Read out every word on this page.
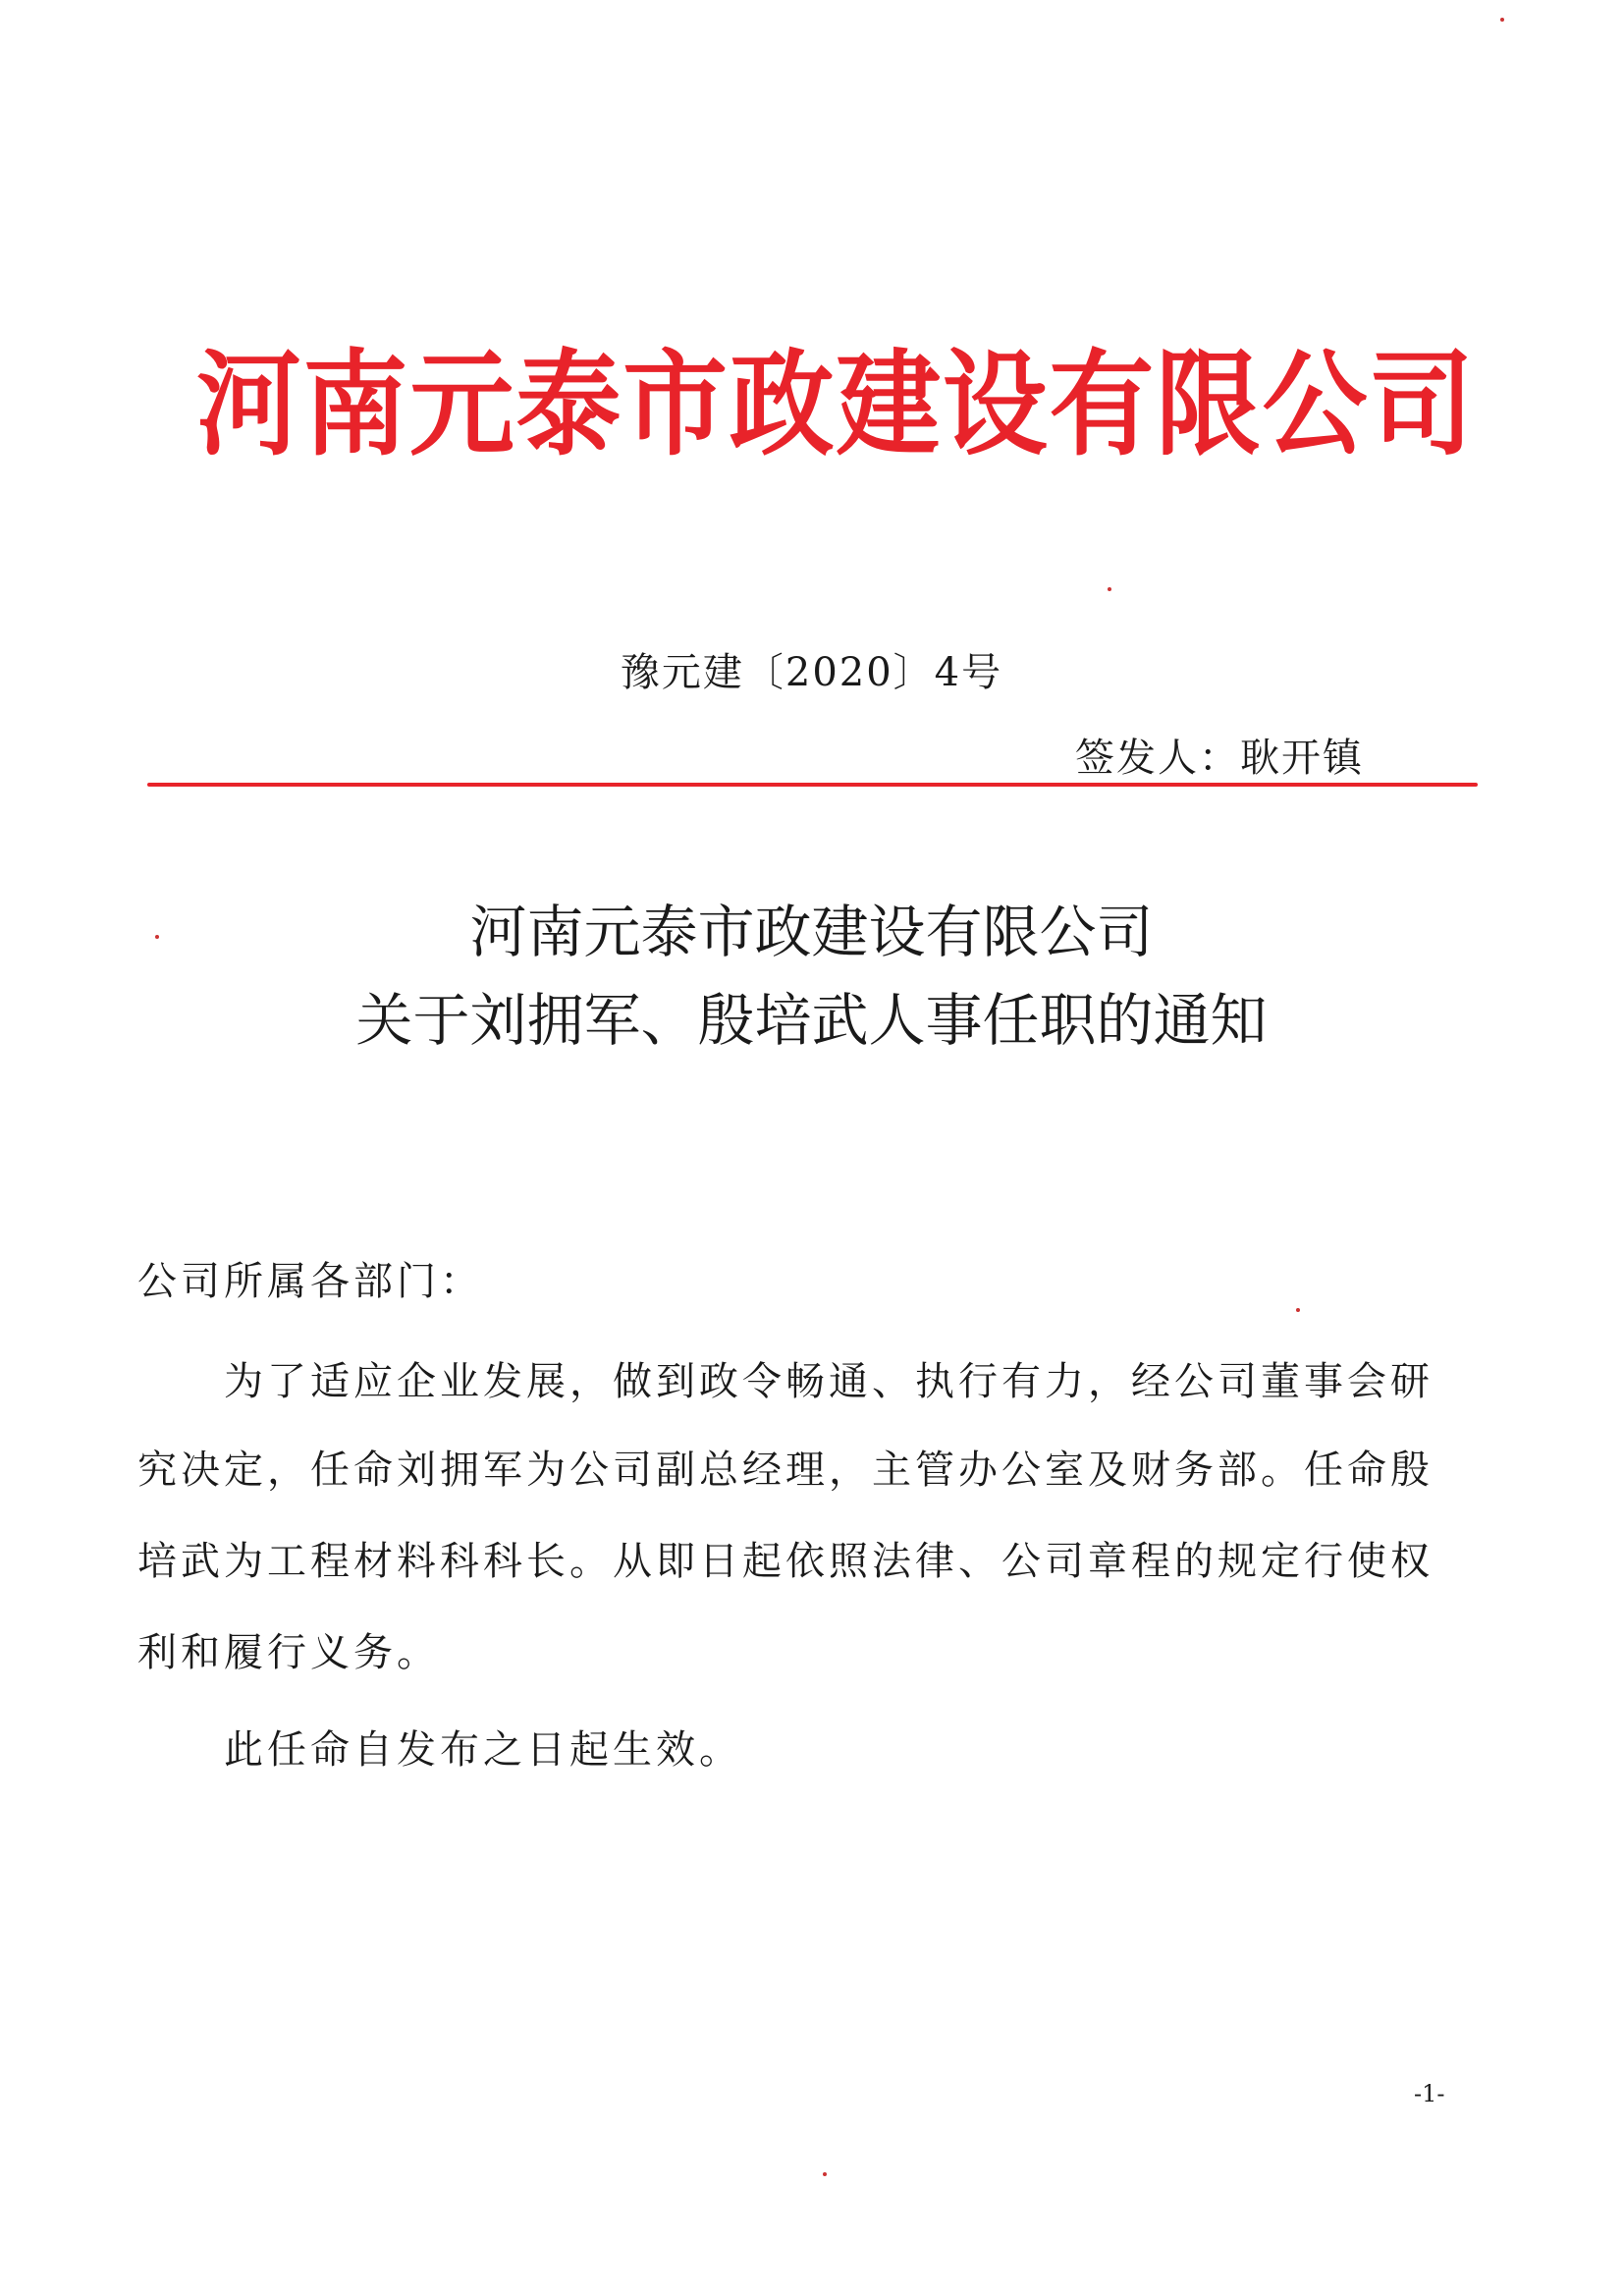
河南元泰市政建设有限公司
豫元建〔2020〕4号
签发人：耿开镇
河南元泰市政建设有限公司
关于刘拥军、殷培武人事任职的通知
公司所属各部门：
为了适应企业发展，做到政令畅通、执行有力，经公司董事会研
究决定，任命刘拥军为公司副总经理，主管办公室及财务部。任命殷
培武为工程材料科科长。从即日起依照法律、公司章程的规定行使权
利和履行义务。
此任命自发布之日起生效。
-1-
